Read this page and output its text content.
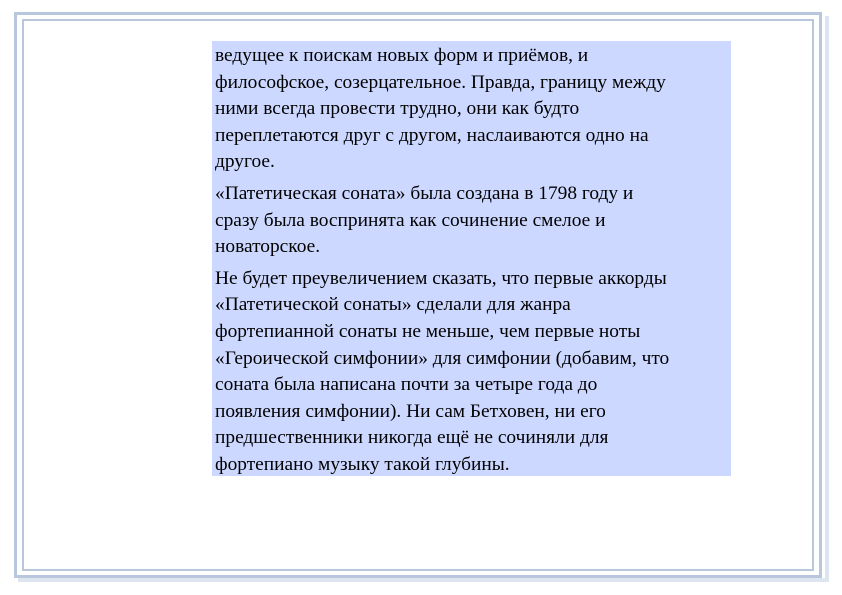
ведущее к поискам новых форм и приёмов, и
философское, созерцательное. Правда, границу между
ними всегда провести трудно, они как будто
переплетаются друг с другом, наслаиваются одно на
другое.

«Патетическая соната» была создана в 1798 году и
сразу была воспринята как сочинение смелое и
новаторское.

Не будет преувеличением сказать, что первые аккорды
«Патетической сонаты» сделали для жанра
фортепианной сонаты не меньше, чем первые ноты
«Героической симфонии» для симфонии (добавим, что
соната была написана почти за четыре года до
появления симфонии). Ни сам Бетховен, ни его
предшественники никогда ещё не сочиняли для
фортепиано музыку такой глубины.
